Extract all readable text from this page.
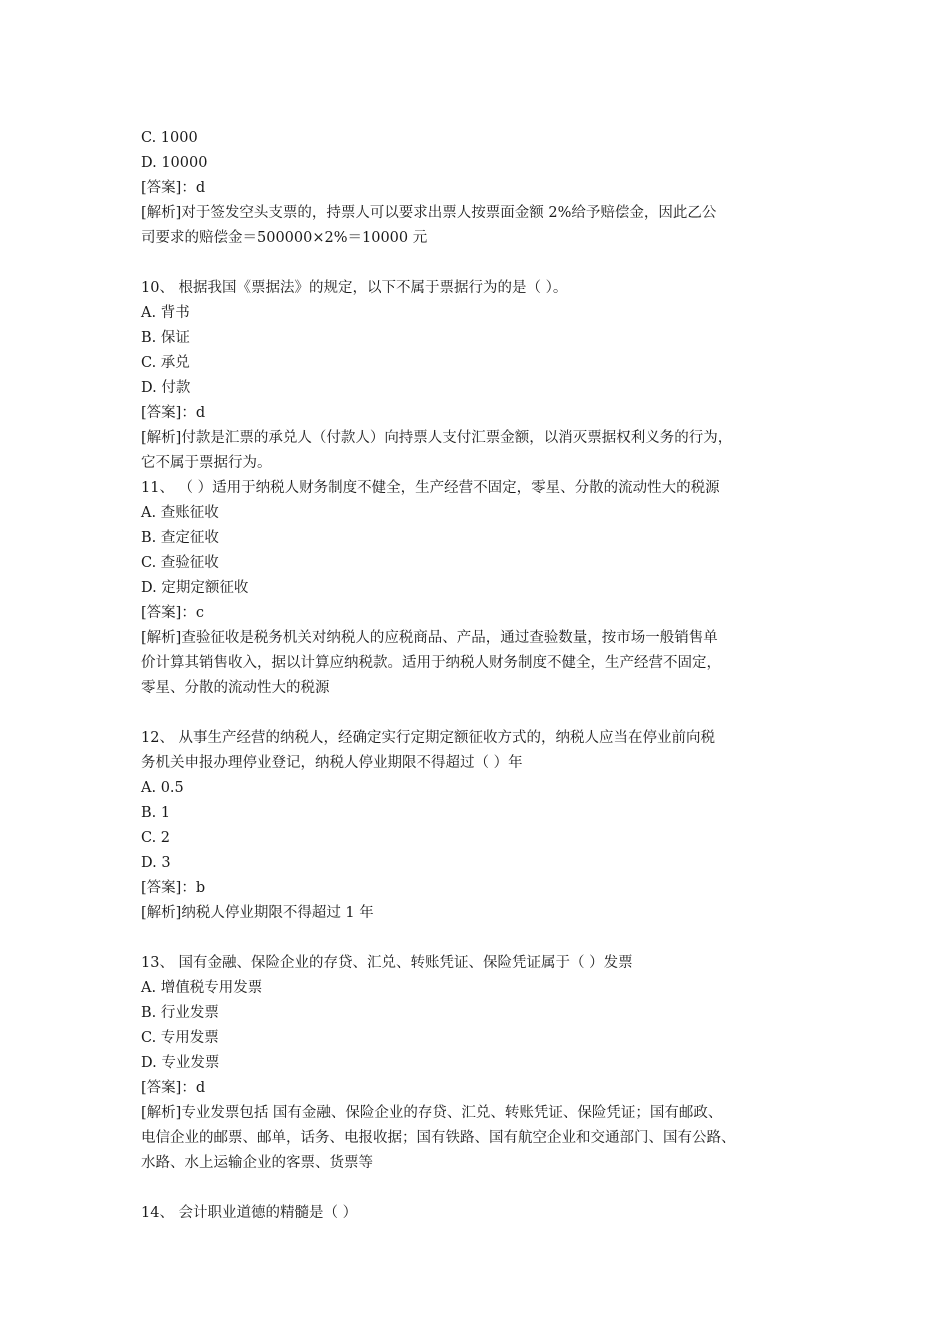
C. 1000
D. 10000
[答案]：d
[解析]对于签发空头支票的，持票人可以要求出票人按票面金额 2%给予赔偿金，因此乙公
司要求的赔偿金＝500000×2%＝10000 元
10、 根据我国《票据法》的规定，以下不属于票据行为的是（ ）。
A. 背书
B. 保证
C. 承兑
D. 付款
[答案]：d
[解析]付款是汇票的承兑人（付款人）向持票人支付汇票金额，以消灭票据权利义务的行为，
它不属于票据行为。
11、 （ ）适用于纳税人财务制度不健全，生产经营不固定，零星、分散的流动性大的税源
A. 查账征收
B. 查定征收
C. 查验征收
D. 定期定额征收
[答案]：c
[解析]查验征收是税务机关对纳税人的应税商品、产品，通过查验数量，按市场一般销售单
价计算其销售收入，据以计算应纳税款。适用于纳税人财务制度不健全，生产经营不固定，
零星、分散的流动性大的税源
12、 从事生产经营的纳税人，经确定实行定期定额征收方式的，纳税人应当在停业前向税
务机关申报办理停业登记，纳税人停业期限不得超过（ ）年
A. 0.5
B. 1
C. 2
D. 3
[答案]：b
[解析]纳税人停业期限不得超过 1 年
13、 国有金融、保险企业的存贷、汇兑、转账凭证、保险凭证属于（ ）发票
A. 增值税专用发票
B. 行业发票
C. 专用发票
D. 专业发票
[答案]：d
[解析]专业发票包括 国有金融、保险企业的存贷、汇兑、转账凭证、保险凭证；国有邮政、
电信企业的邮票、邮单，话务、电报收据；国有铁路、国有航空企业和交通部门、国有公路、
水路、水上运输企业的客票、货票等
14、 会计职业道德的精髓是（ ）
